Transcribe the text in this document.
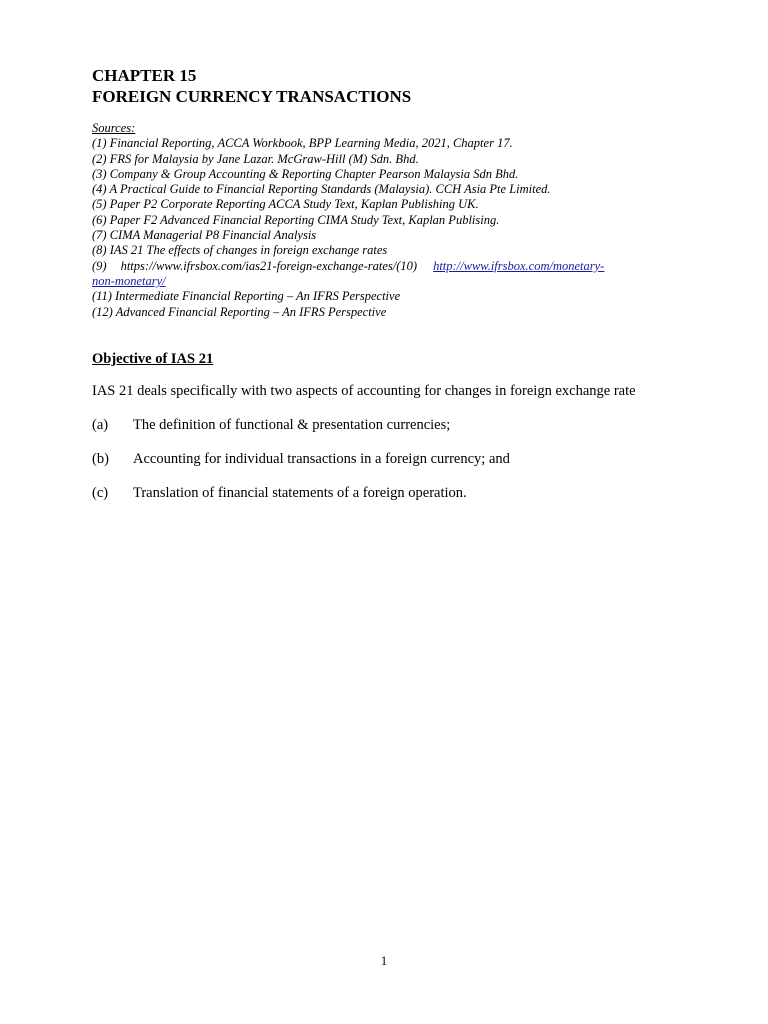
CHAPTER 15
FOREIGN CURRENCY TRANSACTIONS
Sources:
(1) Financial Reporting, ACCA Workbook, BPP Learning Media, 2021, Chapter 17.
(2) FRS for Malaysia by Jane Lazar. McGraw-Hill (M) Sdn. Bhd.
(3) Company & Group Accounting & Reporting Chapter Pearson Malaysia Sdn Bhd.
(4) A Practical Guide to Financial Reporting Standards (Malaysia). CCH Asia Pte Limited.
(5) Paper P2 Corporate Reporting ACCA Study Text, Kaplan Publishing UK.
(6) Paper F2 Advanced Financial Reporting CIMA Study Text, Kaplan Publising.
(7) CIMA Managerial P8 Financial Analysis
(8) IAS 21 The effects of changes in foreign exchange rates
(9) https://www.ifrsbox.com/ias21-foreign-exchange-rates/(10) http://www.ifrsbox.com/monetary-
non-monetary/
(11) Intermediate Financial Reporting – An IFRS Perspective
(12) Advanced Financial Reporting – An IFRS Perspective
Objective of IAS 21
IAS 21 deals specifically with two aspects of accounting for changes in foreign exchange rate
(a) The definition of functional & presentation currencies;
(b) Accounting for individual transactions in a foreign currency; and
(c) Translation of financial statements of a foreign operation.
1
